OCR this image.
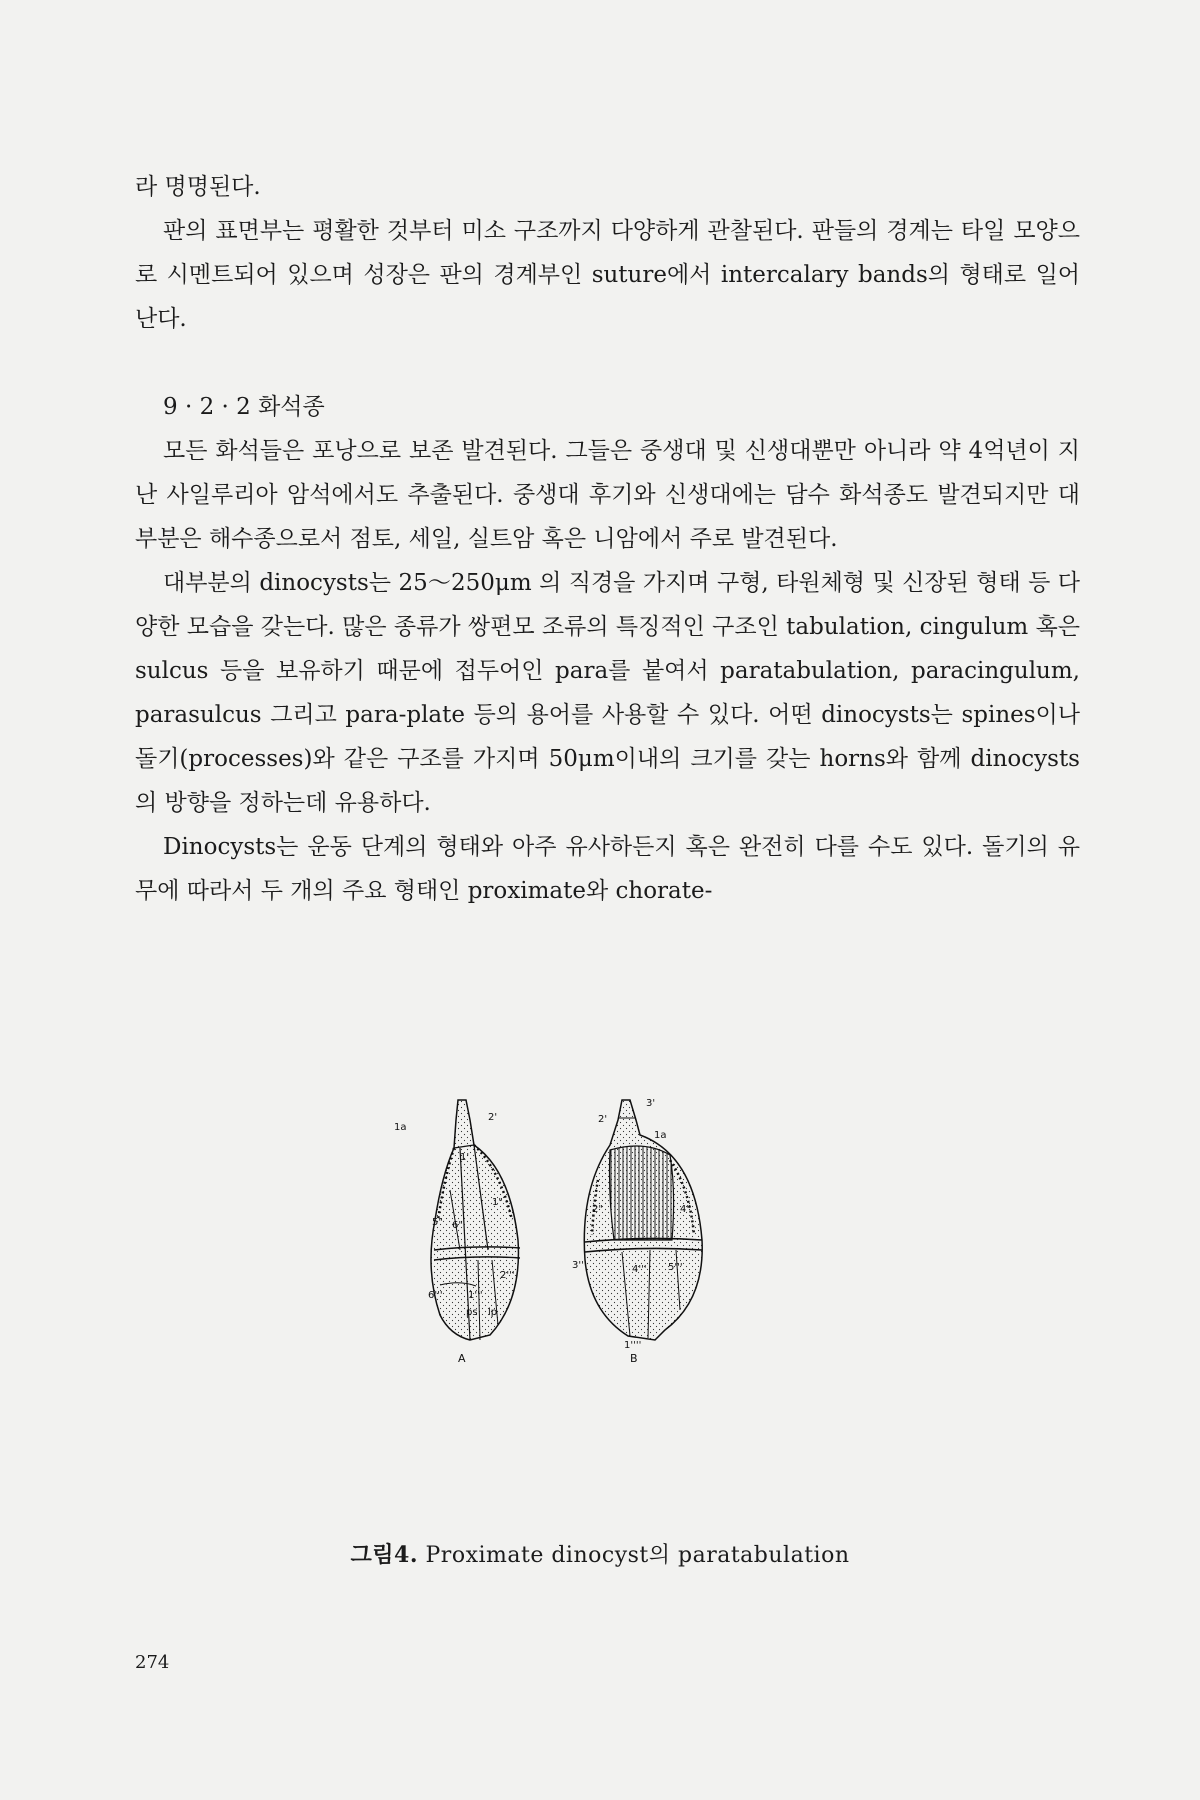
라 명명된다.

판의 표면부는 평활한 것부터 미소 구조까지 다양하게 관찰된다. 판들의 경계는 타일 모양으로 시멘트되어 있으며 성장은 판의 경계부인 suture에서 intercalary bands의 형태로 일어난다.

9 · 2 · 2 화석종

모든 화석들은 포낭으로 보존 발견된다. 그들은 중생대 및 신생대뿐만 아니라 약 4억년이 지난 사일루리아 암석에서도 추출된다. 중생대 후기와 신생대에는 담수 화석종도 발견되지만 대부분은 해수종으로서 점토, 세일, 실트암 혹은 니암에서 주로 발견된다.

대부분의 dinocysts는 25～250μm 의 직경을 가지며 구형, 타원체형 및 신장된 형태 등 다양한 모습을 갖는다. 많은 종류가 쌍편모 조류의 특징적인 구조인 tabulation, cingulum 혹은 sulcus 등을 보유하기 때문에 접두어인 para를 붙여서 paratabulation, paracingulum, parasulcus 그리고 para-plate 등의 용어를 사용할 수 있다. 어떤 dinocysts는 spines이나 돌기(processes)와 같은 구조를 가지며 50μm이내의 크기를 갖는 horns와 함께 dinocysts의 방향을 정하는데 유용하다.

Dinocysts는 운동 단계의 형태와 아주 유사하든지 혹은 완전히 다를 수도 있다. 돌기의 유무에 따라서 두 개의 주요 형태인 proximate와 chorate-

A
1a
2'
1'
1"
5" 6"
2'''
6'''	1'''
ps lp
B
2'
3'
1a
2"	4"
3'''	4''' 5'''
1''''
그림4. Proximate dinocyst의 paratabulation
274
